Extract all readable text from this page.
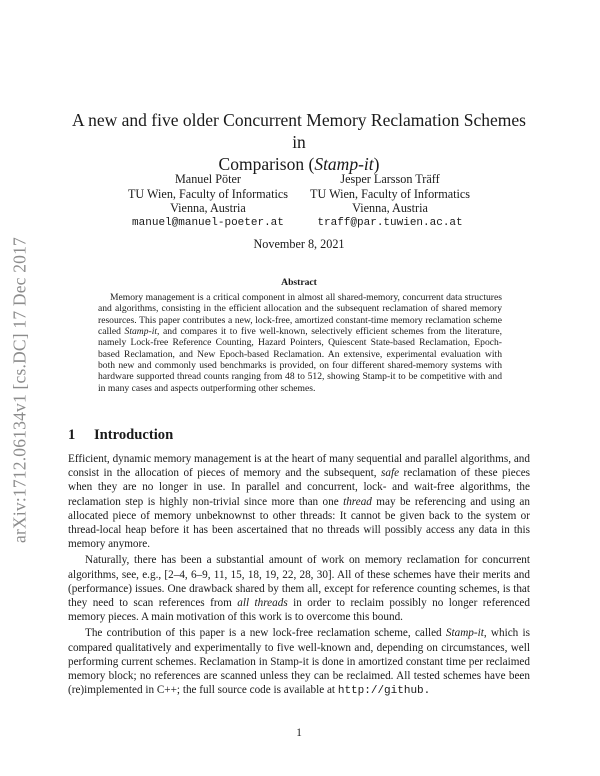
arXiv:1712.06134v1 [cs.DC] 17 Dec 2017
A new and five older Concurrent Memory Reclamation Schemes in
Comparison (Stamp-it)
Manuel Pöter
TU Wien, Faculty of Informatics
Vienna, Austria
manuel@manuel-poeter.at
Jesper Larsson Träff
TU Wien, Faculty of Informatics
Vienna, Austria
traff@par.tuwien.ac.at
November 8, 2021
Abstract
Memory management is a critical component in almost all shared-memory, concurrent data structures and algorithms, consisting in the efficient allocation and the subsequent reclamation of shared memory resources. This paper contributes a new, lock-free, amortized constant-time memory reclamation scheme called Stamp-it, and compares it to five well-known, selectively efficient schemes from the literature, namely Lock-free Reference Counting, Hazard Pointers, Quiescent State-based Reclamation, Epoch-based Reclamation, and New Epoch-based Reclamation. An extensive, experimental evaluation with both new and commonly used benchmarks is provided, on four different shared-memory systems with hardware supported thread counts ranging from 48 to 512, showing Stamp-it to be competitive with and in many cases and aspects outperforming other schemes.
1 Introduction

Efficient, dynamic memory management is at the heart of many sequential and parallel algorithms, and consist in the allocation of pieces of memory and the subsequent, safe reclamation of these pieces when they are no longer in use. In parallel and concurrent, lock- and wait-free algorithms, the reclamation step is highly non-trivial since more than one thread may be referencing and using an allocated piece of memory unbeknownst to other threads: It cannot be given back to the system or thread-local heap before it has been ascertained that no threads will possibly access any data in this memory anymore.

Naturally, there has been a substantial amount of work on memory reclamation for concurrent algorithms, see, e.g., [2–4, 6–9, 11, 15, 18, 19, 22, 28, 30]. All of these schemes have their merits and (performance) issues. One drawback shared by them all, except for reference counting schemes, is that they need to scan references from all threads in order to reclaim possibly no longer referenced memory pieces. A main motivation of this work is to overcome this bound.

The contribution of this paper is a new lock-free reclamation scheme, called Stamp-it, which is compared qualitatively and experimentally to five well-known and, depending on circumstances, well performing current schemes. Reclamation in Stamp-it is done in amortized constant time per reclaimed memory block; no references are scanned unless they can be reclaimed. All tested schemes have been (re)implemented in C++; the full source code is available at http://github.

1
